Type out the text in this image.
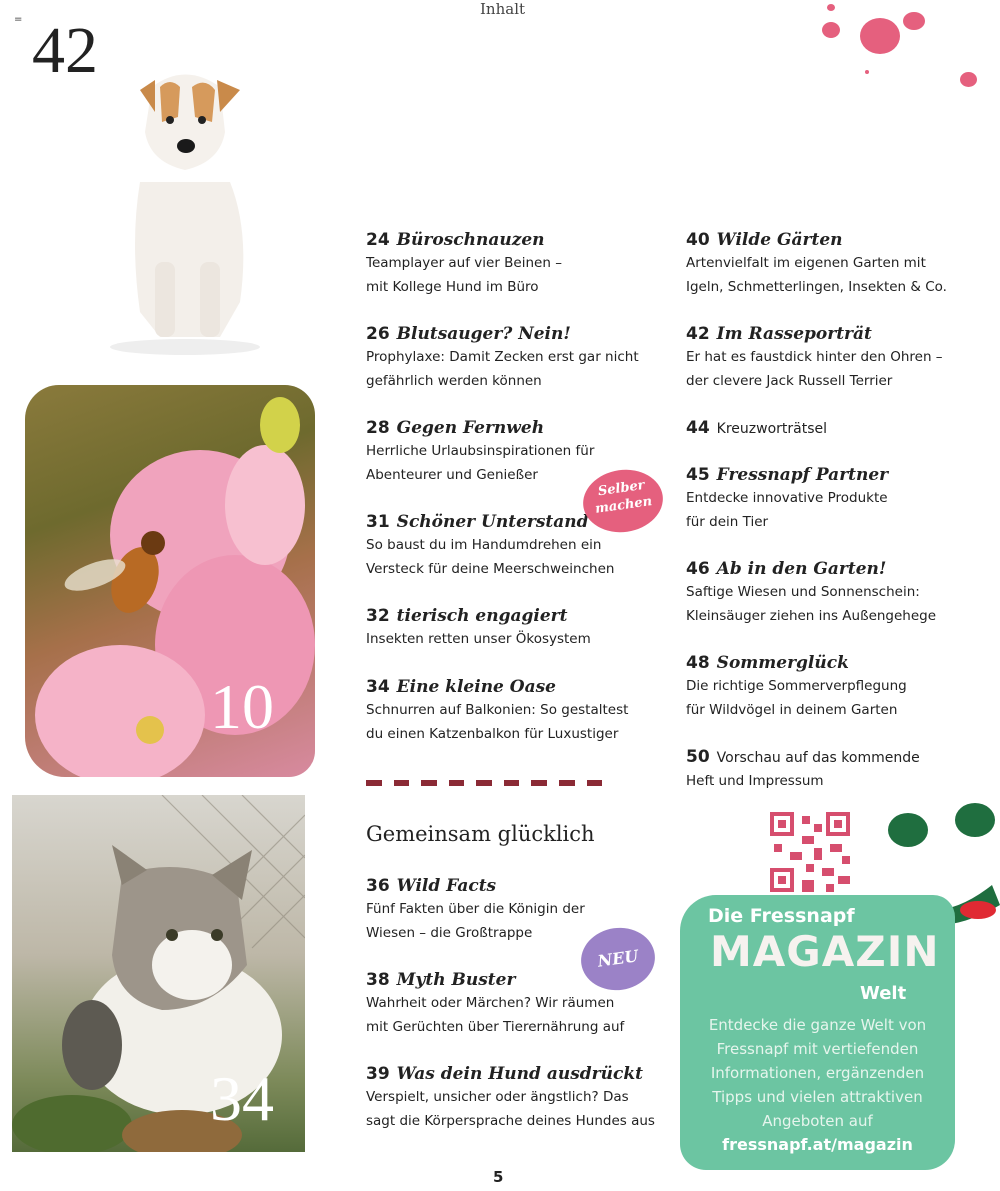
=
Inhalt
42
10
34
24 Büroschnauzen
Teamplayer auf vier Beinen –
mit Kollege Hund im Büro
26 Blutsauger? Nein!
Prophylaxe: Damit Zecken erst gar nicht
gefährlich werden können
28 Gegen Fernweh
Herrliche Urlaubsinspirationen für
Abenteurer und Genießer
31 Schöner Unterstand
So baust du im Handumdrehen ein
Versteck für deine Meerschweinchen
32 tierisch engagiert
Insekten retten unser Ökosystem
34 Eine kleine Oase
Schnurren auf Balkonien: So gestaltest
du einen Katzenbalkon für Luxustiger
Gemeinsam glücklich
36 Wild Facts
Fünf Fakten über die Königin der
Wiesen – die Großtrappe
38 Myth Buster
Wahrheit oder Märchen? Wir räumen
mit Gerüchten über Tierernährung auf
39 Was dein Hund ausdrückt
Verspielt, unsicher oder ängstlich? Das
sagt die Körpersprache deines Hundes aus
40 Wilde Gärten
Artenvielfalt im eigenen Garten mit
Igeln, Schmetterlingen, Insekten & Co.
42 Im Rasseporträt
Er hat es faustdick hinter den Ohren –
der clevere Jack Russell Terrier
44 Kreuzworträtsel
45 Fressnapf Partner
Entdecke innovative Produkte
für dein Tier
46 Ab in den Garten!
Saftige Wiesen und Sonnenschein:
Kleinsäuger ziehen ins Außengehege
48 Sommerglück
Die richtige Sommerverpflegung
für Wildvögel in deinem Garten
50 Vorschau auf das kommende
Heft und Impressum
Selber machen
NEU
Die Fressnapf
MAGAZIN
Welt
Entdecke die ganze Welt von
Fressnapf mit vertiefenden
Informationen, ergänzenden
Tipps und vielen attraktiven
Angeboten auf
fressnapf.at/magazin
5
